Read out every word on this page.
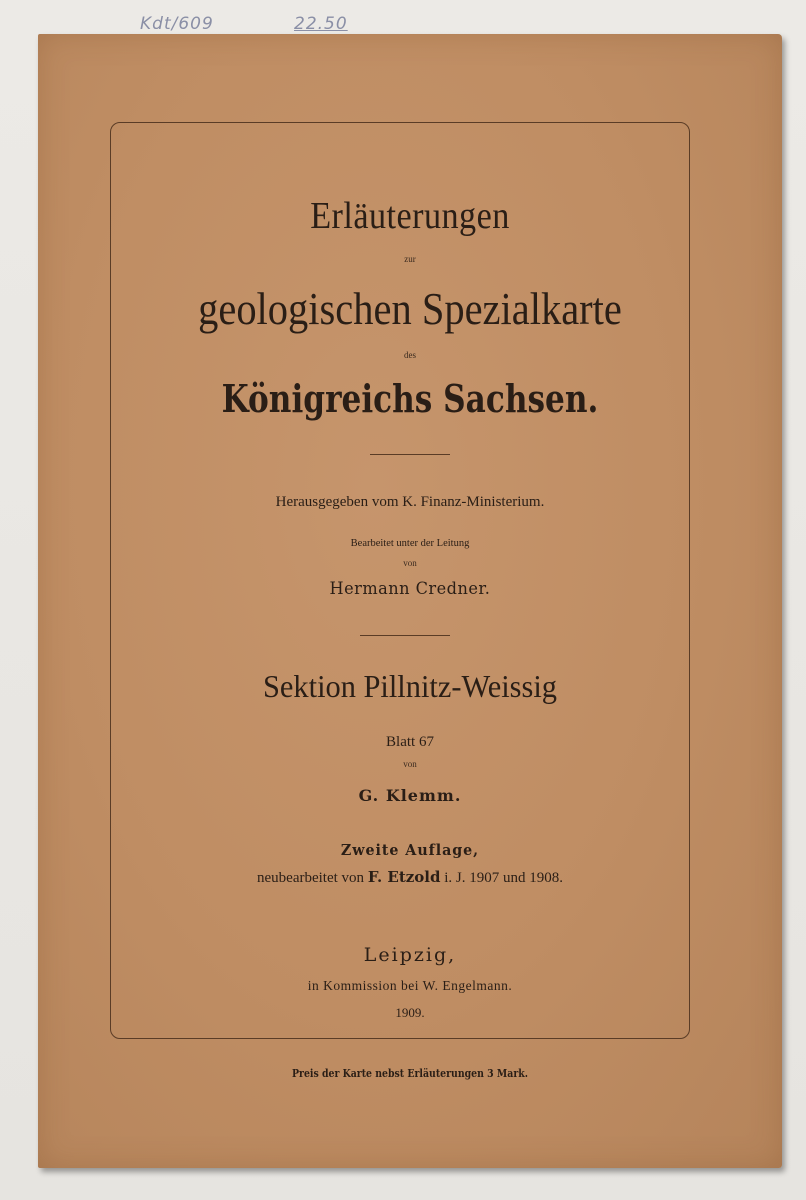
Kdt/609	22.50
Erläuterungen
zur
geologischen Spezialkarte
des
Königreichs Sachsen.
Herausgegeben vom K. Finanz-Ministerium.
Bearbeitet unter der Leitung
von
Hermann Credner.
Sektion Pillnitz-Weissig
Blatt 67
von
G. Klemm.
Zweite Auflage,
neubearbeitet von F. Etzold i. J. 1907 und 1908.
Leipzig,
in Kommission bei W. Engelmann.
1909.
Preis der Karte nebst Erläuterungen 3 Mark.
